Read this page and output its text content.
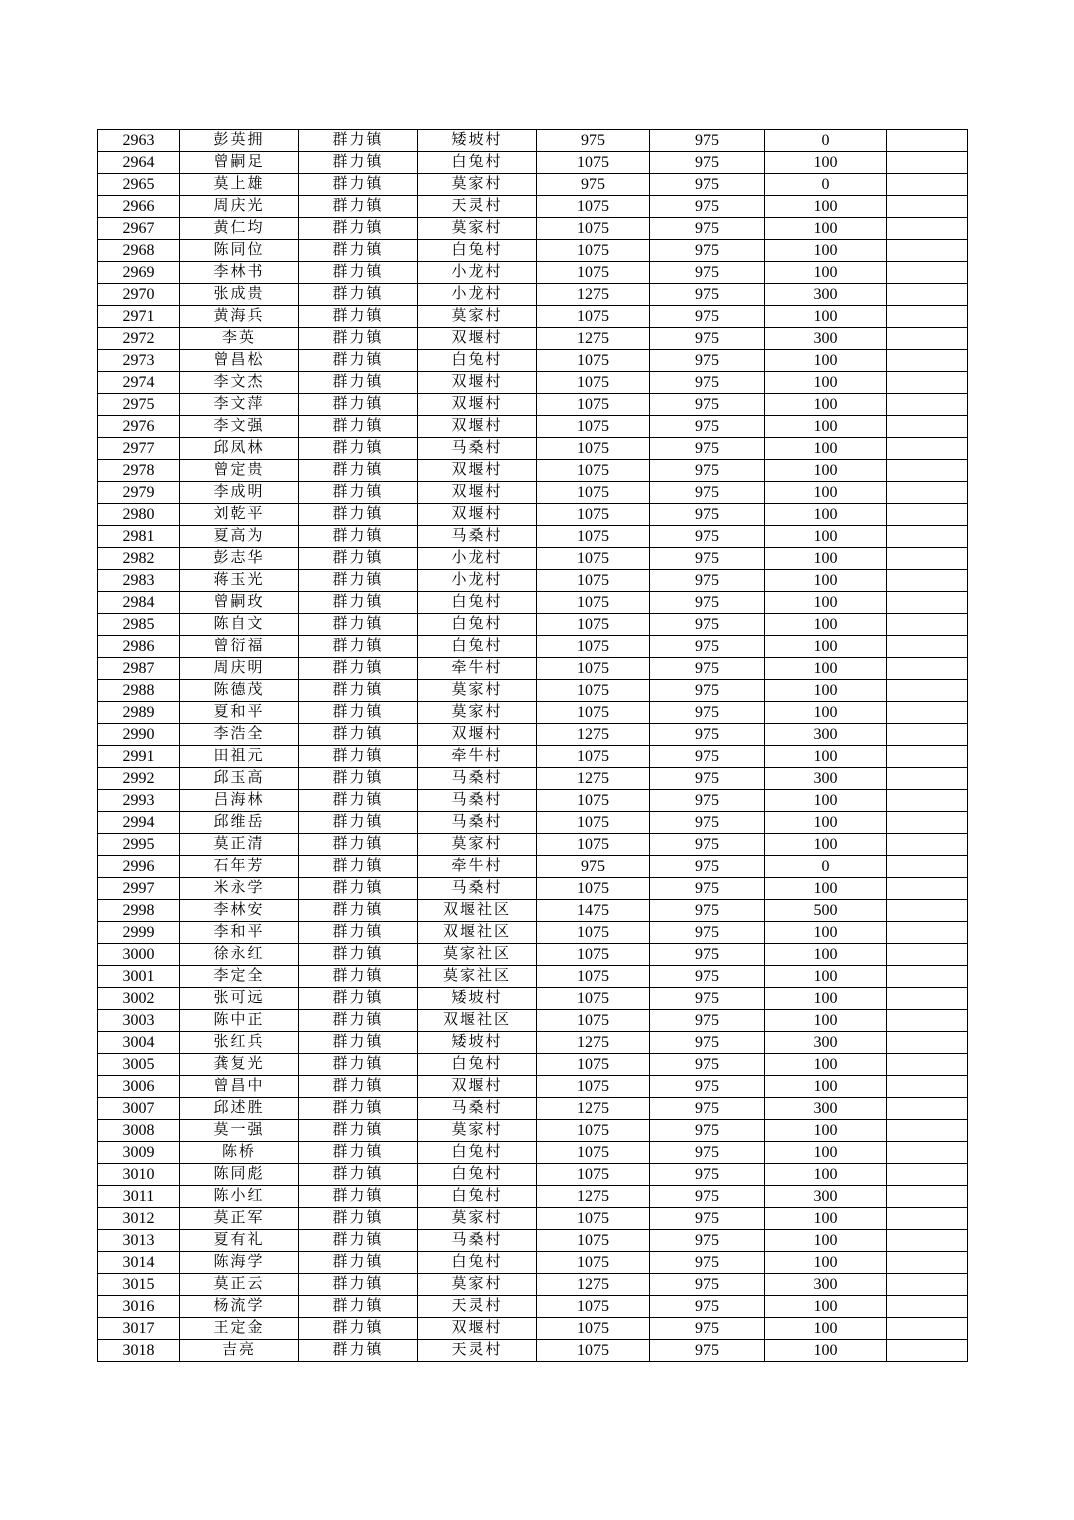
2963	彭英拥	群力镇	矮坡村	975	975	0	
2964	曾嗣足	群力镇	白兔村	1075	975	100	
2965	莫上雄	群力镇	莫家村	975	975	0	
2966	周庆光	群力镇	天灵村	1075	975	100	
2967	黄仁均	群力镇	莫家村	1075	975	100	
2968	陈同位	群力镇	白兔村	1075	975	100	
2969	李林书	群力镇	小龙村	1075	975	100	
2970	张成贵	群力镇	小龙村	1275	975	300	
2971	黄海兵	群力镇	莫家村	1075	975	100	
2972	李英	群力镇	双堰村	1275	975	300	
2973	曾昌松	群力镇	白兔村	1075	975	100	
2974	李文杰	群力镇	双堰村	1075	975	100	
2975	李文萍	群力镇	双堰村	1075	975	100	
2976	李文强	群力镇	双堰村	1075	975	100	
2977	邱凤林	群力镇	马桑村	1075	975	100	
2978	曾定贵	群力镇	双堰村	1075	975	100	
2979	李成明	群力镇	双堰村	1075	975	100	
2980	刘乾平	群力镇	双堰村	1075	975	100	
2981	夏高为	群力镇	马桑村	1075	975	100	
2982	彭志华	群力镇	小龙村	1075	975	100	
2983	蒋玉光	群力镇	小龙村	1075	975	100	
2984	曾嗣玫	群力镇	白兔村	1075	975	100	
2985	陈自文	群力镇	白兔村	1075	975	100	
2986	曾衍福	群力镇	白兔村	1075	975	100	
2987	周庆明	群力镇	牵牛村	1075	975	100	
2988	陈德茂	群力镇	莫家村	1075	975	100	
2989	夏和平	群力镇	莫家村	1075	975	100	
2990	李浩全	群力镇	双堰村	1275	975	300	
2991	田祖元	群力镇	牵牛村	1075	975	100	
2992	邱玉高	群力镇	马桑村	1275	975	300	
2993	吕海林	群力镇	马桑村	1075	975	100	
2994	邱维岳	群力镇	马桑村	1075	975	100	
2995	莫正清	群力镇	莫家村	1075	975	100	
2996	石年芳	群力镇	牵牛村	975	975	0	
2997	米永学	群力镇	马桑村	1075	975	100	
2998	李林安	群力镇	双堰社区	1475	975	500	
2999	李和平	群力镇	双堰社区	1075	975	100	
3000	徐永红	群力镇	莫家社区	1075	975	100	
3001	李定全	群力镇	莫家社区	1075	975	100	
3002	张可远	群力镇	矮坡村	1075	975	100	
3003	陈中正	群力镇	双堰社区	1075	975	100	
3004	张红兵	群力镇	矮坡村	1275	975	300	
3005	龚复光	群力镇	白兔村	1075	975	100	
3006	曾昌中	群力镇	双堰村	1075	975	100	
3007	邱述胜	群力镇	马桑村	1275	975	300	
3008	莫一强	群力镇	莫家村	1075	975	100	
3009	陈桥	群力镇	白兔村	1075	975	100	
3010	陈同彪	群力镇	白兔村	1075	975	100	
3011	陈小红	群力镇	白兔村	1275	975	300	
3012	莫正军	群力镇	莫家村	1075	975	100	
3013	夏有礼	群力镇	马桑村	1075	975	100	
3014	陈海学	群力镇	白兔村	1075	975	100	
3015	莫正云	群力镇	莫家村	1275	975	300	
3016	杨流学	群力镇	天灵村	1075	975	100	
3017	王定金	群力镇	双堰村	1075	975	100	
3018	吉亮	群力镇	天灵村	1075	975	100	
